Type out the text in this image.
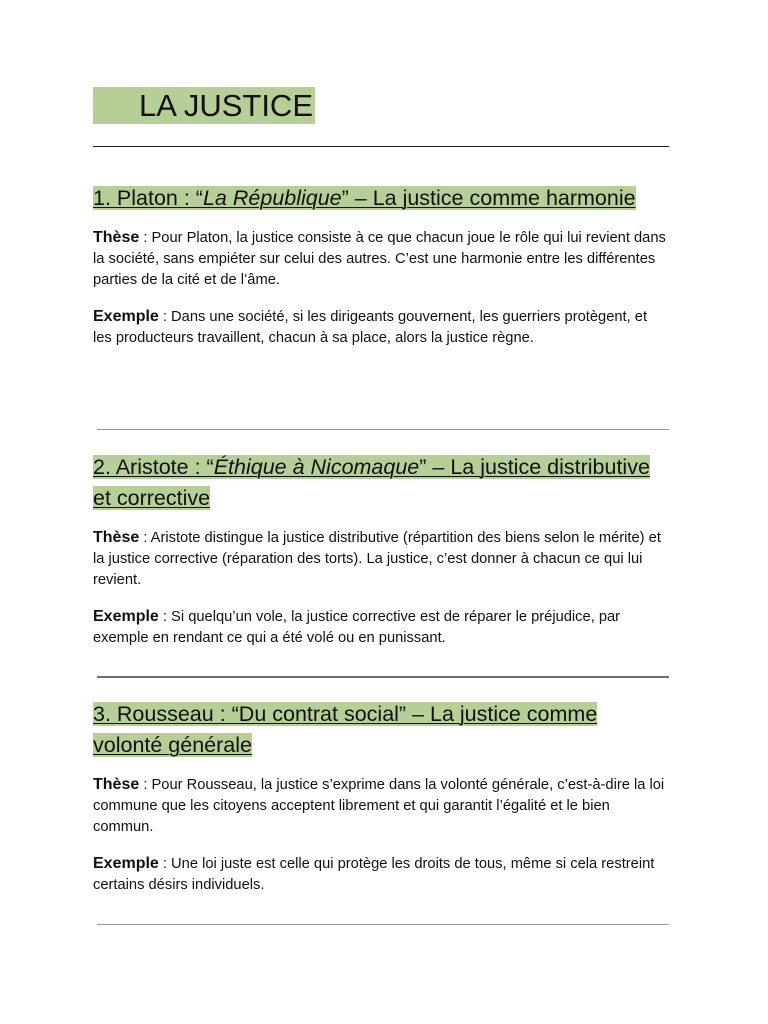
LA JUSTICE
1. Platon : “La République” – La justice comme harmonie

Thèse : Pour Platon, la justice consiste à ce que chacun joue le rôle qui lui revient dans la société, sans empiéter sur celui des autres. C’est une harmonie entre les différentes parties de la cité et de l’âme.

Exemple : Dans une société, si les dirigeants gouvernent, les guerriers protègent, et les producteurs travaillent, chacun à sa place, alors la justice règne.

2. Aristote : “Éthique à Nicomaque” – La justice distributive et corrective

Thèse : Aristote distingue la justice distributive (répartition des biens selon le mérite) et la justice corrective (réparation des torts). La justice, c’est donner à chacun ce qui lui revient.

Exemple : Si quelqu’un vole, la justice corrective est de réparer le préjudice, par exemple en rendant ce qui a été volé ou en punissant.

3. Rousseau : “Du contrat social” – La justice comme volonté générale

Thèse : Pour Rousseau, la justice s’exprime dans la volonté générale, c’est-à-dire la loi commune que les citoyens acceptent librement et qui garantit l’égalité et le bien commun.

Exemple : Une loi juste est celle qui protège les droits de tous, même si cela restreint certains désirs individuels.
